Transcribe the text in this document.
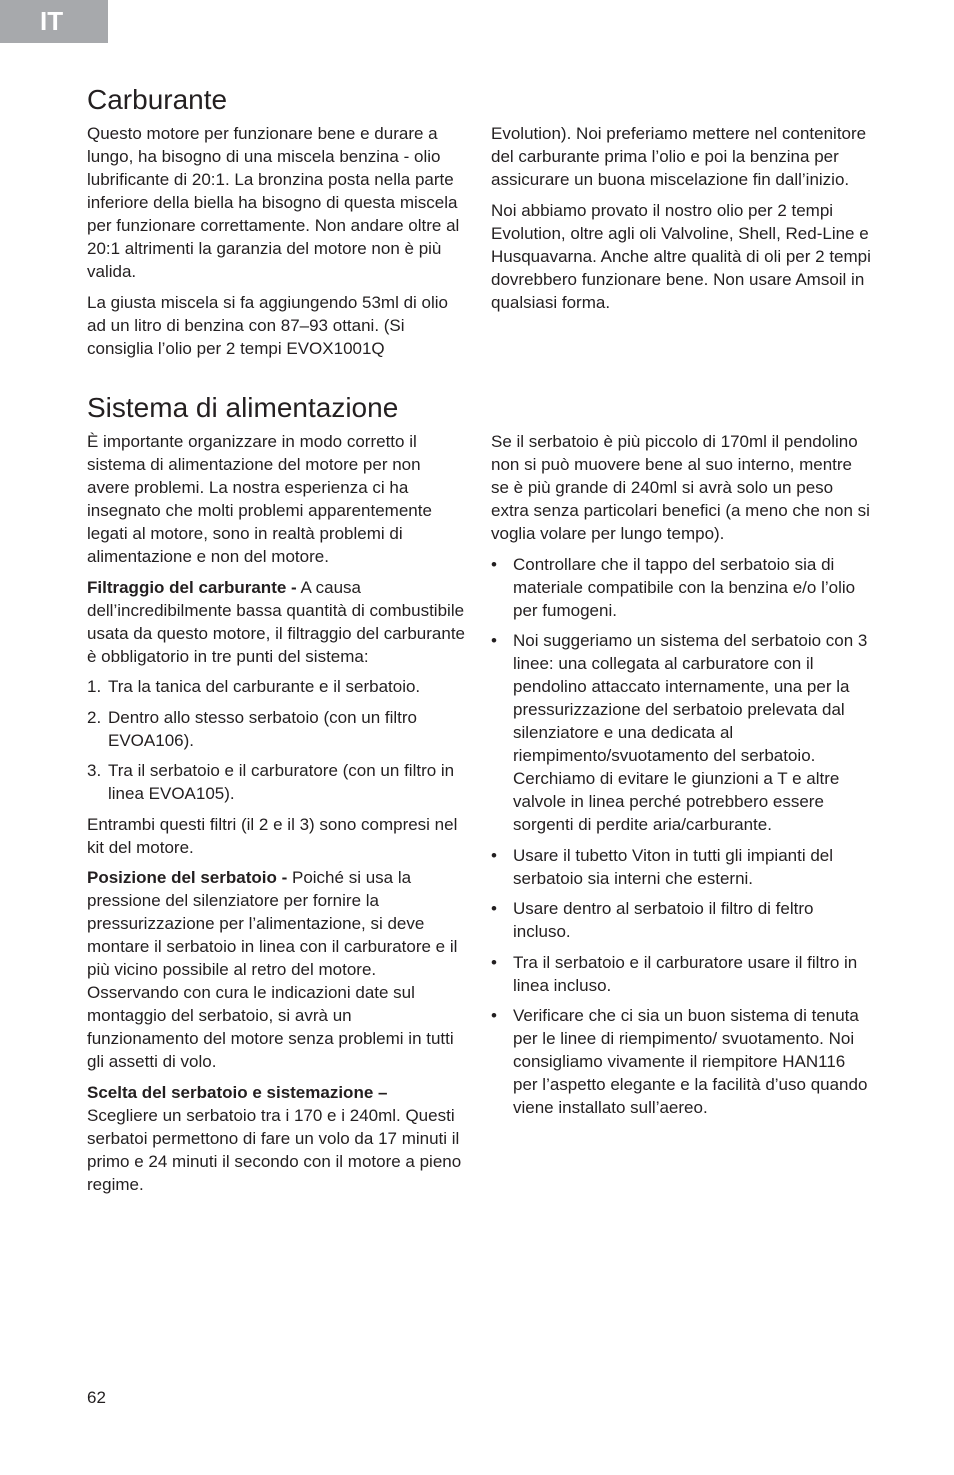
IT
Carburante

Questo motore per funzionare bene e durare a lungo, ha bisogno di una miscela benzina - olio lubrificante di 20:1. La bronzina posta nella parte inferiore della biella ha bisogno di questa miscela per funzionare correttamente. Non andare oltre al 20:1 altrimenti la garanzia del motore non è più valida.

La giusta miscela si fa aggiungendo 53ml di olio ad un litro di benzina con 87–93 ottani. (Si consiglia l’olio per 2 tempi EVOX1001Q

Evolution). Noi preferiamo mettere nel contenitore del carburante prima l’olio e poi la benzina per assicurare un buona miscelazione fin dall’inizio.

Noi abbiamo provato il nostro olio per 2 tempi Evolution, oltre agli oli Valvoline, Shell, Red-Line e Husquavarna. Anche altre qualità di oli per 2 tempi dovrebbero funzionare bene. Non usare Amsoil in qualsiasi forma.

Sistema di alimentazione

È importante organizzare in modo corretto il sistema di alimentazione del motore per non avere problemi. La nostra esperienza ci ha insegnato che molti problemi apparentemente legati al motore, sono in realtà problemi di alimentazione e non del motore.

Filtraggio del carburante - A causa dell’incredibilmente bassa quantità di combustibile usata da questo motore, il filtraggio del carburante è obbligatorio in tre punti del sistema:

1. Tra la tanica del carburante e il serbatoio.
2. Dentro allo stesso serbatoio (con un filtro EVOA106).
3. Tra il serbatoio e il carburatore (con un filtro in linea EVOA105).

Entrambi questi filtri (il 2 e il 3) sono compresi nel kit del motore.

Posizione del serbatoio - Poiché si usa la pressione del silenziatore per fornire la pressurizzazione per l’alimentazione, si deve montare il serbatoio in linea con il carburatore e il più vicino possibile al retro del motore. Osservando con cura le indicazioni date sul montaggio del serbatoio, si avrà un funzionamento del motore senza problemi in tutti gli assetti di volo.

Scelta del serbatoio e sistemazione –
Scegliere un serbatoio tra i 170 e i 240ml. Questi serbatoi permettono di fare un volo da 17 minuti il primo e 24 minuti il secondo con il motore a pieno regime.

Se il serbatoio è più piccolo di 170ml il pendolino non si può muovere bene al suo interno, mentre se è più grande di 240ml si avrà solo un peso extra senza particolari benefici (a meno che non si voglia volare per lungo tempo).

• Controllare che il tappo del serbatoio sia di materiale compatibile con la benzina e/o l’olio per fumogeni.
• Noi suggeriamo un sistema del serbatoio con 3 linee: una collegata al carburatore con il pendolino attaccato internamente, una per la pressurizzazione del serbatoio prelevata dal silenziatore e una dedicata al riempimento/svuotamento del serbatoio. Cerchiamo di evitare le giunzioni a T e altre valvole in linea perché potrebbero essere sorgenti di perdite aria/carburante.
• Usare il tubetto Viton in tutti gli impianti del serbatoio sia interni che esterni.
• Usare dentro al serbatoio il filtro di feltro incluso.
• Tra il serbatoio e il carburatore usare il filtro in linea incluso.
• Verificare che ci sia un buon sistema di tenuta per le linee di riempimento/ svuotamento. Noi consigliamo vivamente il riempitore HAN116 per l’aspetto elegante e la facilità d’uso quando viene installato sull’aereo.
62
